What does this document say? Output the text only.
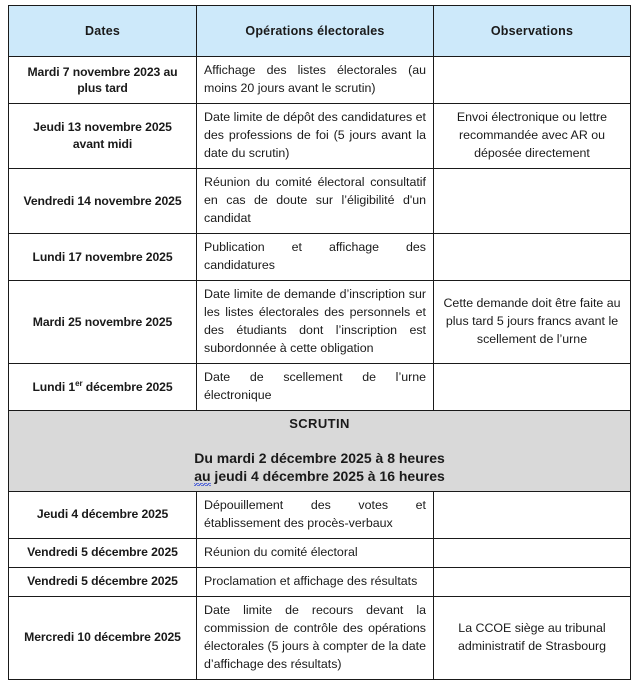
Dates	Opérations électorales	Observations
Mardi 7 novembre 2023 au plus tard	Affichage des listes électorales (au moins 20 jours avant le scrutin)	
Jeudi 13 novembre 2025 avant midi	Date limite de dépôt des candidatures et des professions de foi (5 jours avant la date du scrutin)	Envoi électronique ou lettre recommandée avec AR ou déposée directement
Vendredi 14 novembre 2025	Réunion du comité électoral consultatif en cas de doute sur l’éligibilité d'un candidat	
Lundi 17 novembre 2025	Publication et affichage des candidatures	
Mardi 25 novembre 2025	Date limite de demande d’inscription sur les listes électorales des personnels et des étudiants dont l’inscription est subordonnée à cette obligation	Cette demande doit être faite au plus tard 5 jours francs avant le scellement de l’urne
Lundi 1er décembre 2025	Date de scellement de l’urne électronique	

SCRUTIN
Du mardi 2 décembre 2025 à 8 heures
au jeudi 4 décembre 2025 à 16 heures		

Jeudi 4 décembre 2025	Dépouillement des votes et établissement des procès-verbaux	
Vendredi 5 décembre 2025	Réunion du comité électoral	
Vendredi 5 décembre 2025	Proclamation et affichage des résultats	
Mercredi 10 décembre 2025	Date limite de recours devant la commission de contrôle des opérations électorales (5 jours à compter de la date d’affichage des résultats)	La CCOE siège au tribunal administratif de Strasbourg
